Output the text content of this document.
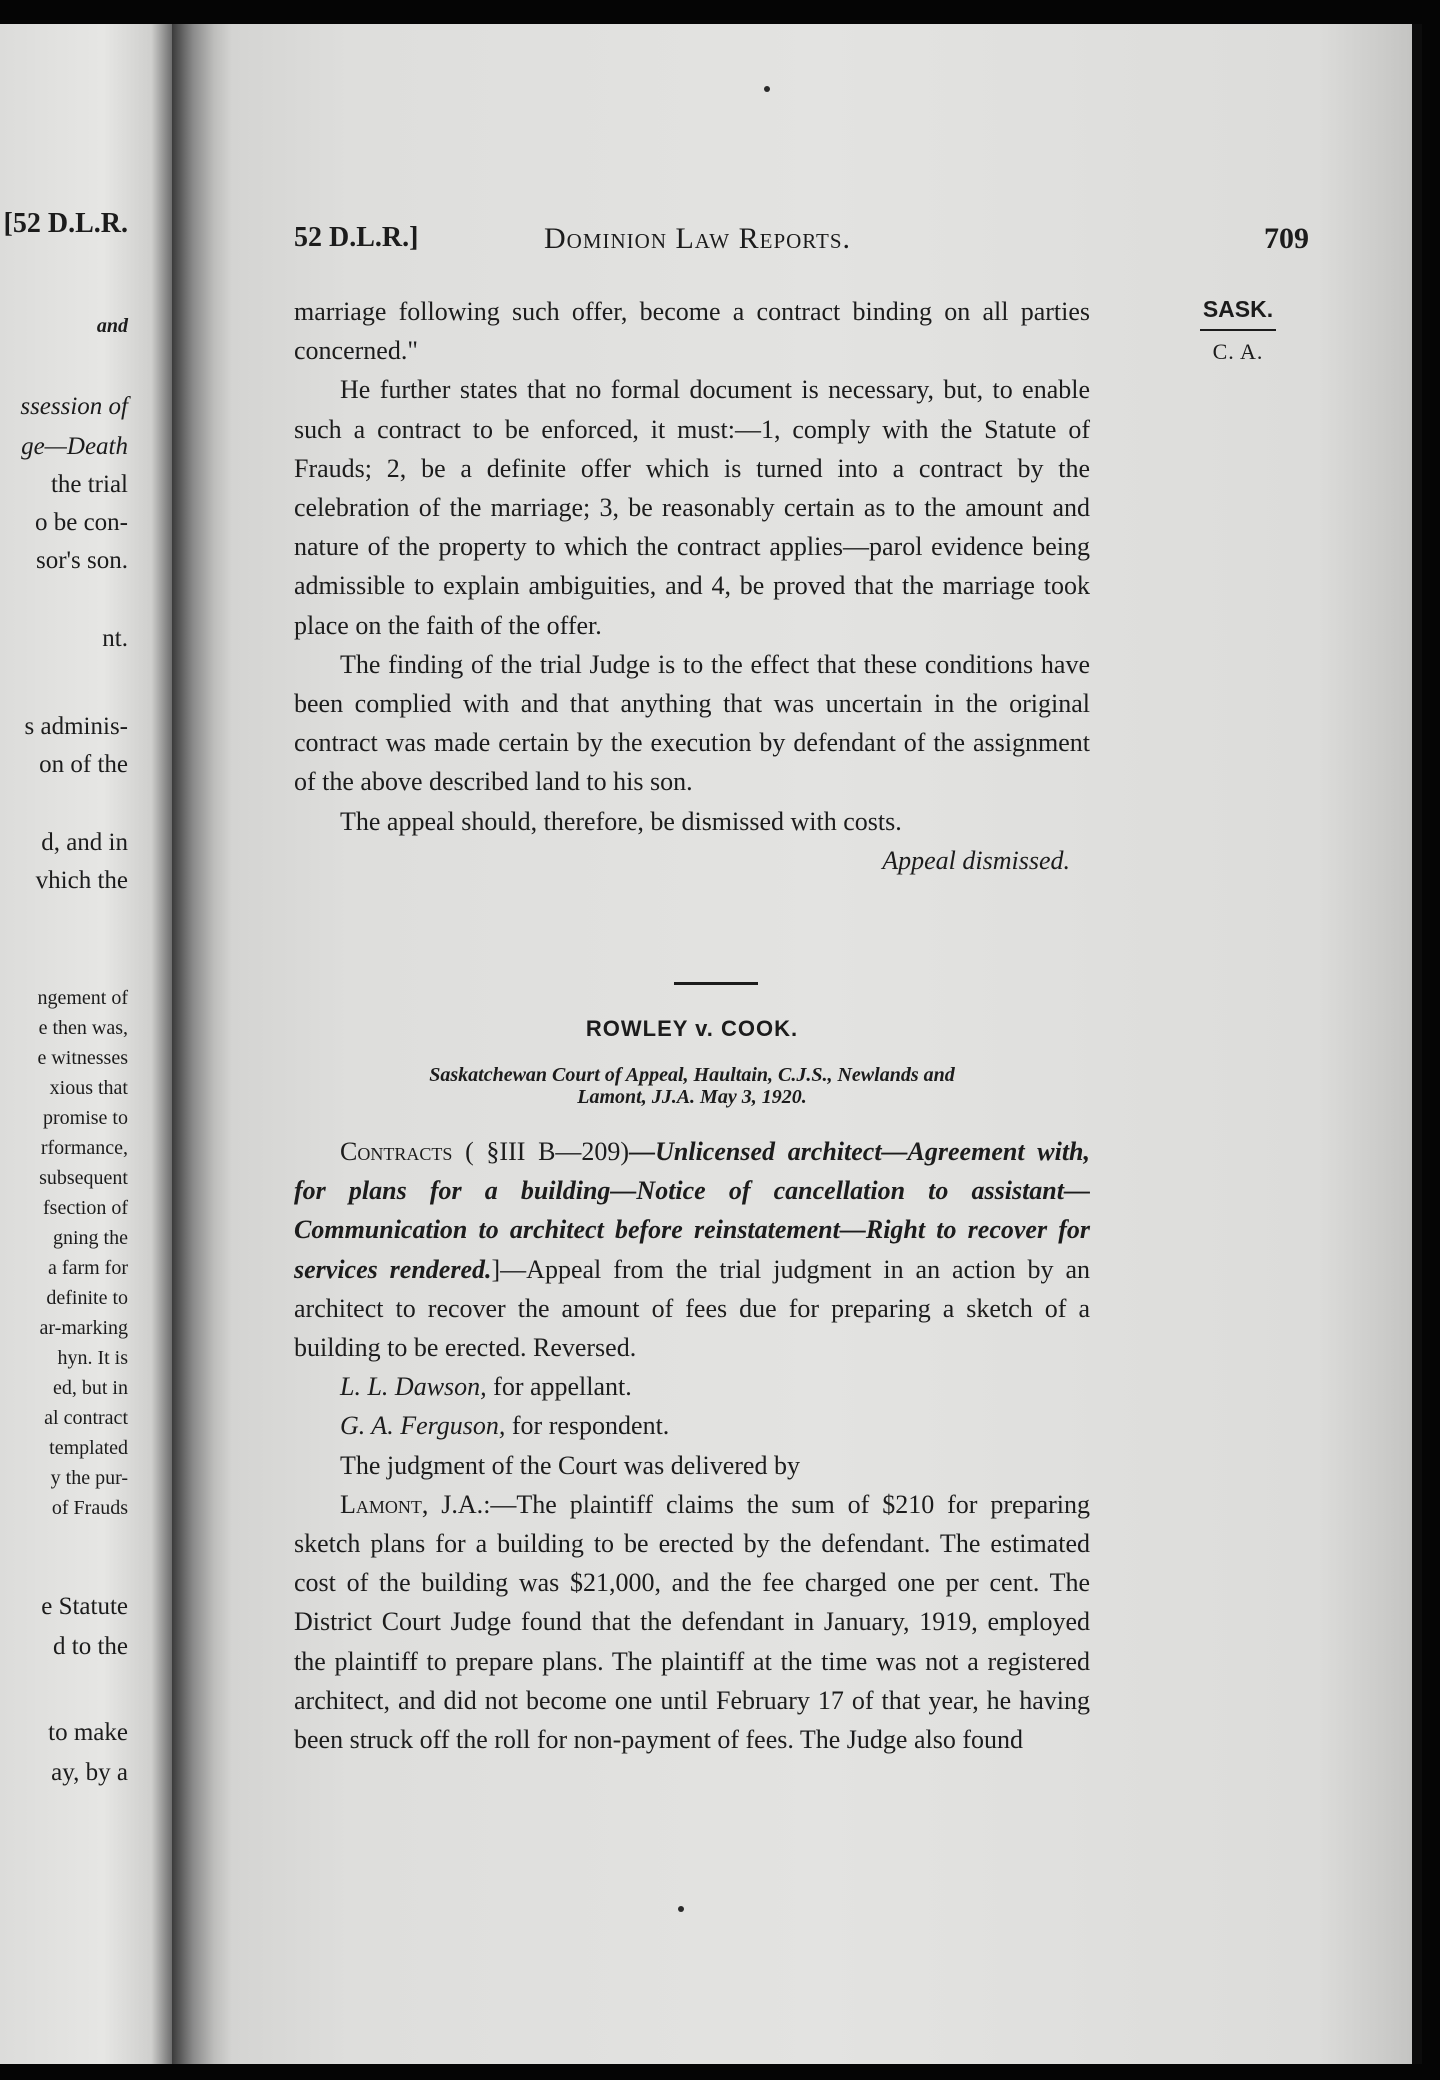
[52 D.L.R.
and
ssession of
ge—Death
the trial
o be con-
sor's son.
nt.
s adminis-
on of the
d, and in
vhich the
ngement of
e then was,
e witnesses
xious that
promise to
rformance,
subsequent
fsection of
gning the
a farm for
definite to
ar-marking
hyn. It is
ed, but in
al contract
templated
y the pur-
of Frauds
e Statute
d to the
to make
ay, by a
52 D.L.R.]	Dominion Law Reports.	709
SASK.
C. A.

marriage following such offer, become a contract binding on all parties concerned."

He further states that no formal document is necessary, but, to enable such a contract to be enforced, it must:—1, comply with the Statute of Frauds; 2, be a definite offer which is turned into a contract by the celebration of the marriage; 3, be reasonably certain as to the amount and nature of the property to which the contract applies—parol evidence being admissible to explain ambiguities, and 4, be proved that the marriage took place on the faith of the offer.

The finding of the trial Judge is to the effect that these conditions have been complied with and that anything that was uncertain in the original contract was made certain by the execution by defendant of the assignment of the above described land to his son.

The appeal should, therefore, be dismissed with costs.

Appeal dismissed.

ROWLEY v. COOK.
Saskatchewan Court of Appeal, Haultain, C.J.S., Newlands and
Lamont, JJ.A. May 3, 1920.

Contracts ( §III B—209)—Unlicensed architect—Agreement with, for plans for a building—Notice of cancellation to assistant—Communication to architect before reinstatement—Right to recover for services rendered.]—Appeal from the trial judgment in an action by an architect to recover the amount of fees due for preparing a sketch of a building to be erected. Reversed.

L. L. Dawson, for appellant.

G. A. Ferguson, for respondent.

The judgment of the Court was delivered by

Lamont, J.A.:—The plaintiff claims the sum of $210 for preparing sketch plans for a building to be erected by the defendant. The estimated cost of the building was $21,000, and the fee charged one per cent. The District Court Judge found that the defendant in January, 1919, employed the plaintiff to prepare plans. The plaintiff at the time was not a registered architect, and did not become one until February 17 of that year, he having been struck off the roll for non-payment of fees. The Judge also found
